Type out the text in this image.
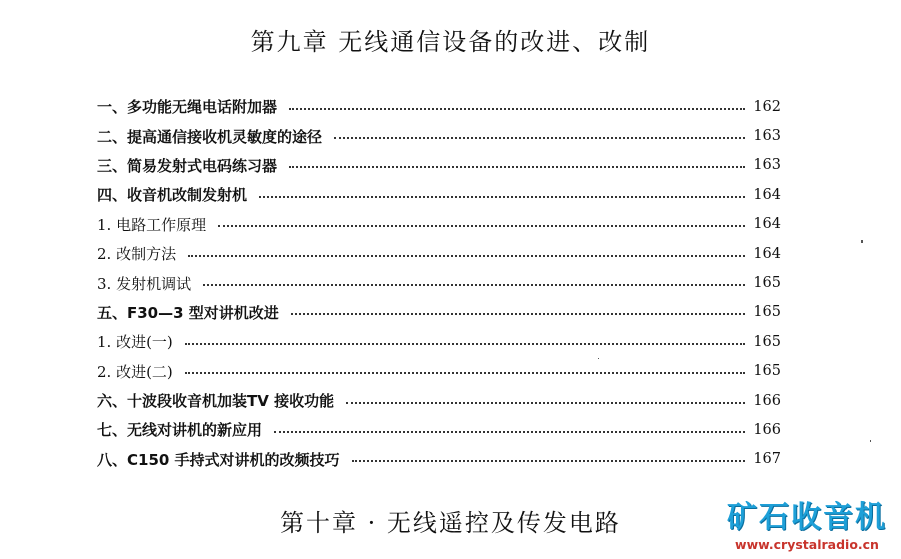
第九章 无线通信设备的改进、改制
一、多功能无绳电话附加器	162
二、提高通信接收机灵敏度的途径	163
三、简易发射式电码练习器	163
四、收音机改制发射机	164
1. 电路工作原理	164
2. 改制方法	164
3. 发射机调试	165
五、F30—3 型对讲机改进	165
1. 改进(一)	165
2. 改进(二)	165
六、十波段收音机加装TV 接收功能	166
七、无线对讲机的新应用	166
八、C150 手持式对讲机的改频技巧	167
第十章 · 无线遥控及传发电路	矿石收音机
www.crystalradio.cn
